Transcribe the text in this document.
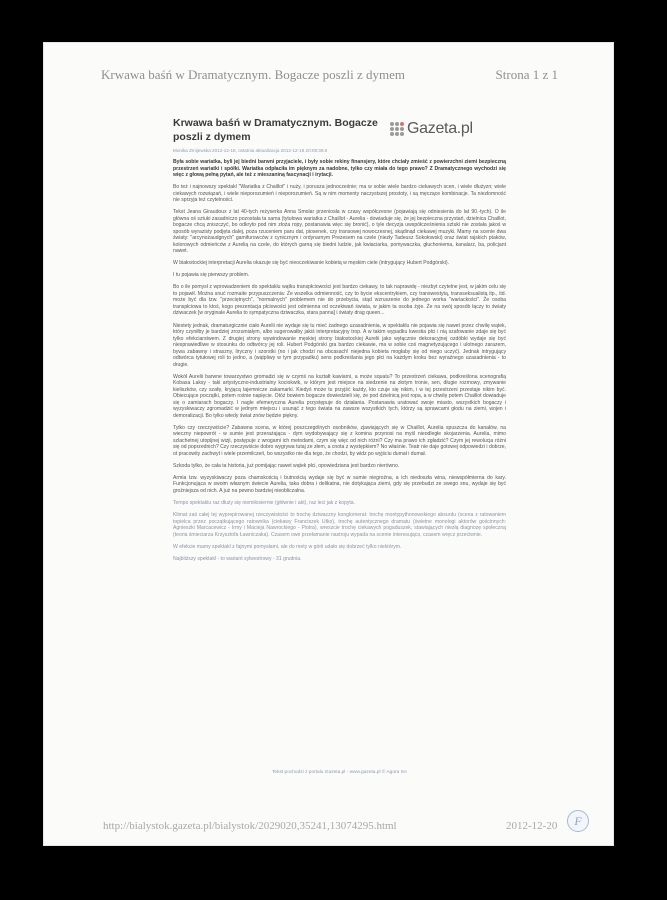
Krwawa baśń w Dramatycznym. Bogacze poszli z dymem	Strona 1 z 1
Krwawa baśń w Dramatycznym. Bogacze poszli z dymem	Gazeta.pl
Monika Zmijewska 2012-12-18, ostatnia aktualizacja 2012-12-18 20:08:39.0

Była sobie wariatka, byli jej biedni barwni przyjaciele, i były sobie rekiny finansjery, które chciały zmieść z powierzchni ziemi bezpieczną przestrzeń wariatki i spółki. Wariatka odpłaciła im pięknym za nadobne, tylko czy miała do tego prawo? Z Dramatycznego wychodzi się więc z głową pełną pytań, ale też z mieszaniną fascynacji i irytacji.

Bo też i najnowszy spektakl "Wariatka z Chaillot" i nuży, i porusza jednocześnie; ma w sobie wiele bardzo ciekawych scen, i wiele dłużyzn; wiele ciekawych rozwiązań, i wiele nieporozumień i nieporozumień. Są w nim momenty naczystszej prostoty, i są męczące kombinacje. Ta niezłomność nie sprzyja też czytelności.

Tekst Jeana Giraudoux z lat 40-tych reżyserka Anna Smolar przeniosła w czasy współczesne (pojawiają się odniesienia do lat 90.-tych). O ile główna oś sztuki zasadniczo pozostała ta sama (tytułowa wariatka z Chaillot - Aurelia - dowiaduje się, że jej bezpieczna przystań, dzielnica Chaillot, bogacze chcą zniszczyć, bo odkryto pod nim złoża ropy, postanawia więc się bronić), o tyle decyzja uwspółcześnienia sztuki nie została jakoś w sposób wyrazisty podjęta dalej, poza rzuceniem paru dat, piosenek, czy transowej nowoczesnej, skądinąd ciekawej muzyki. Mamy na scenie dwa światy: "arcynożaudgnych" gamifurowców z cynicznym i ordynarnym Prezesem na czele (niezły Tadeusz Sokołowski) oraz świat rajskich ptaków, kolorowych odmieńców z Aurelią na czele, do których garną się biedni ludzie, jak kwiaciarka, pomywaczka, głuchoniema, kanalarz, ba, policjant nawet.

W białostockiej interpretacji Aurelia okazuje się być nieoczekiwanie kobietą w męskim ciele (intrygujący Hubert Podgórski).

I tu pojawia się pierwszy problem.

Bo o ile pomysł z wprowadzeniem do spektaklu wątku transpłciowości jest bardzo ciekawy, to tak naprawdę - niezbyt czytelne jest, w jakim celu się to pojawił. Można snuć rozmaite przypuszczenia: Że wszelka odmienność, czy to bycie ekscentrykiem, czy transwestytą, transseksualistą itp., itd. może być dla tzw. "przeciętnych", "normalnych" problemem nie do przebycia, stąd wzruszenie do jednego worka "wariackości". Że osoba transpłciowa to ktoś, kogo prezentacja płciowości jest odmienna od oczekiwań świata, w jakim ta osoba żyje. Że na swój sposób łączy to światy dziwaczek [w oryginale Aurelia to sympatyczna dziwaczka, stara panna] i światy drag queen...

Niestety jednak, dramaturgicznie ciało Aurelii nie wydaje się tu mieć żadnego uzasadnienia, w spektaklu nie pojawia się nawet przez chwilę wątek, który czyniłby je bardziej zrozumiałym, albo sugerowałby jakiś interpretacyjny trop. A w takim wypadku kwestia płci i nią szafowanie zdaje się być tylko efekciarstwem. Z drugiej strony wywindowanie męskiej strony białostockiej Aurelii jako wyłącznie dekoracyjnej ozdóbki wydaje się być niesprawiedliwe w stosunku do odtwórcy jej roli. Hubert Podgórski gra bardzo ciekawie, ma w sobie coś magnetyzującego i ulotnego zarazem, bywa zabawny i straszny, liryczny i szorstki (no i jak chodzi na obcasach! niejedna kobieta mogłaby się od niego uczyć). Jednak intrygujący odtwórca tytułowej roli to jedno, a (wątpliwy w tym przypadku) sens podkreślania jego płci na każdym kroku bez wyraźnego uzasadnienia - to drugie.

Wokół Aurelii barwne towarzystwo gromadzi się w czymś na kształt kawiarni, a może squatu? To przestrzeń ciekawa, podkreślona scenografią Kobasa Laksy - taki artystyczno-industrialny kociokwik, w którym jest miejsce na siedzenie na złotym tronie, sen, długie rozmowy, zmywanie kieliszków, czy szafę, kryjącą tajemnicze zakamarki. Kiedyś może tu przyjść każdy, kto czuje się nikim, i w tej przestrzeni przestaje nikim być. Obiecujące początki, potem rośnie napięcie. Otóż bowiem bogacze dowiedzieli się, że pod dzielnicą jest ropa, a w chwilę potem Chaillot dowiaduje się o zamiarach bogaczy. I nagle efemeryczna Aurelia przystępuje do działania. Postanawia uratować swoje miasto, wszystkich bogaczy i wyzyskiwaczy zgromadzić w jednym miejscu i usunąć z tego świata na zawsze wszystkich tych, którzy są sprawcami głodu na ziemi, wojen i demoralizacji. Bo tylko wtedy świat znów będzie piękny.

Tylko czy rzeczywiście? Zabawna scena, w której poszczególnych osobników, zjawiających się w Chaillot, Aurelia spuszcza do kanałów, na wieczny niepowrót - w sumie jest przerażająca - dym wydobywający się z komina przynosi na myśl nieodległe skojarzenia. Aurelia, mimo szlachetnej utopijnej wizji, postępuje z wrogami ich metodami, czym się więc od nich różni? Czy ma prawo ich zgładzić? Czym jej rewolucja różni się od poprzednich? Czy rzeczywiście dobro wygrywa tutaj ze złem, a cnota z występkiem? No właśnie. Teatr nie daje gotowej odpowiedzi i dobrze, ot pracowity zachwyt i wiele przemilczeń, bo wszystko nie dla tego, że chodzi, by widz po wyjściu dumał i dumał.

Szkoda tylko, że cała ta historia, już pomijając nawet wątek płci, opowiedziana jest bardzo nierówno.

Armia tzw. wyzyskiwaczy poza chamskością i butnością wydaje się być w sumie niegroźna, a ich niedoszła wina, niewspółmierna do kary. Funkcjonująca w swoim własnym świecie Aurelia, taka dobra i delikatna, nie dotykająca ziemi, gdy się przebudzi ze swego snu, wydaje się być groźniejsza od nich. A już na pewno bardziej nieobliczalna.

Tempo spektaklu raz dłuży się niemiłosiernie (głównie i akt), raz leci jak z kopyta.

Klimat zaś całej tej wyprepirowanej rzeczywistości to trochę dziwaczny konglomerat: trochę montypythonowskiego absurdu (scena z ratowaniem topielca przez początkującego ratownika (ciekawy Franciszek Utko), trochę autentycznego dramatu (świetne monologi aktorów gościnnych: Agnieszki Marcacewicz - Irmy i Macieja Nawrockiego - Piotra), wreszcie trochę ciekawych pogaduszek, stawiających niezłą diagnozę społeczną (teoria śmieciarza Krzysztofa Ławniczaka). Czasem owe przełamanie nastroju wypada na scenie interesująco, czasem wręcz przeciwnie.

W efekcie mamy spektakl z fajnymi pomysłami, ale do mety w górii udało się dobrzeć tylko niektórym.

Najbliższy spektakl - to wariant sylwestrowy - 31 grudnia.

Tekst pochodzi z portalu Gazeta.pl - www.gazeta.pl © Agora SA
http://bialystok.gazeta.pl/bialystok/2029020,35241,13074295.html	2012-12-20	F
